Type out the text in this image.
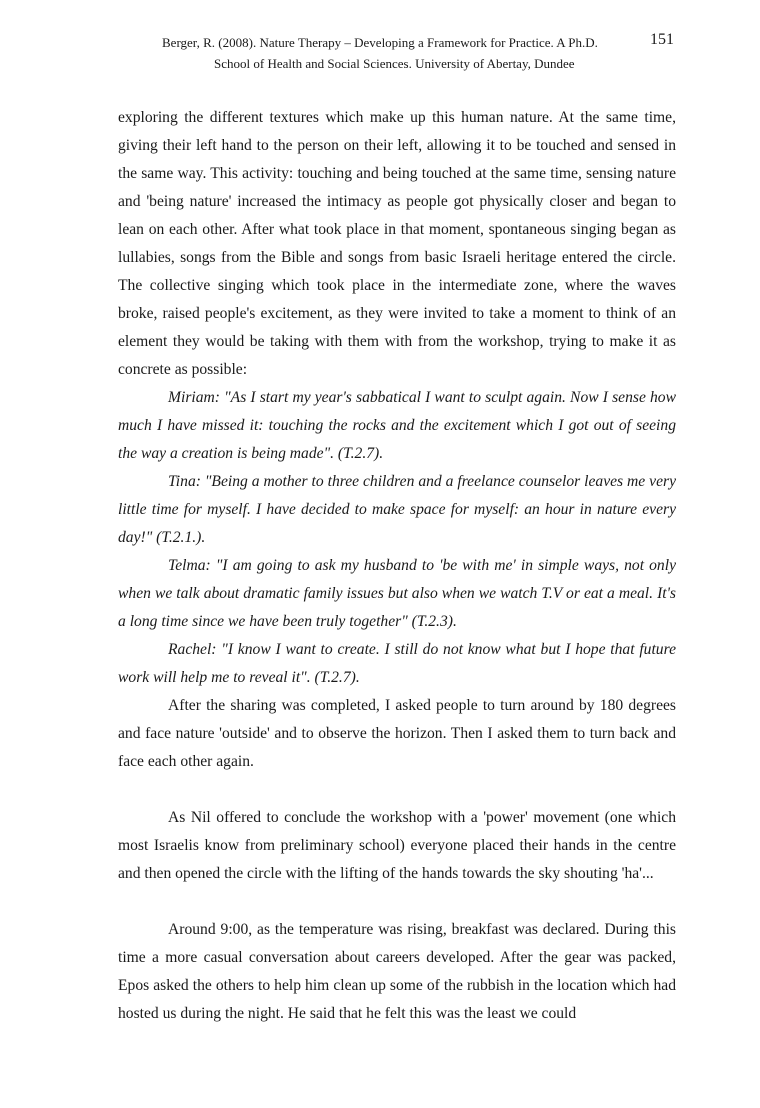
Berger, R. (2008). Nature Therapy – Developing a Framework for Practice. A Ph.D.	151
School of Health and Social Sciences. University of Abertay, Dundee

exploring the different textures which make up this human nature. At the same time, giving their left hand to the person on their left, allowing it to be touched and sensed in the same way. This activity: touching and being touched at the same time, sensing nature and 'being nature' increased the intimacy as people got physically closer and began to lean on each other. After what took place in that moment, spontaneous singing began as lullabies, songs from the Bible and songs from basic Israeli heritage entered the circle. The collective singing which took place in the intermediate zone, where the waves broke, raised people's excitement, as they were invited to take a moment to think of an element they would be taking with them with from the workshop, trying to make it as concrete as possible:

Miriam: "As I start my year's sabbatical I want to sculpt again. Now I sense how much I have missed it: touching the rocks and the excitement which I got out of seeing the way a creation is being made". (T.2.7).

Tina: "Being a mother to three children and a freelance counselor leaves me very little time for myself. I have decided to make space for myself: an hour in nature every day!" (T.2.1.).

Telma: "I am going to ask my husband to 'be with me' in simple ways, not only when we talk about dramatic family issues but also when we watch T.V or eat a meal. It's a long time since we have been truly together" (T.2.3).

Rachel: "I know I want to create. I still do not know what but I hope that future work will help me to reveal it". (T.2.7).

After the sharing was completed, I asked people to turn around by 180 degrees and face nature 'outside' and to observe the horizon. Then I asked them to turn back and face each other again.

As Nil offered to conclude the workshop with a 'power' movement (one which most Israelis know from preliminary school) everyone placed their hands in the centre and then opened the circle with the lifting of the hands towards the sky shouting 'ha'...

Around 9:00, as the temperature was rising, breakfast was declared. During this time a more casual conversation about careers developed. After the gear was packed, Epos asked the others to help him clean up some of the rubbish in the location which had hosted us during the night. He said that he felt this was the least we could
